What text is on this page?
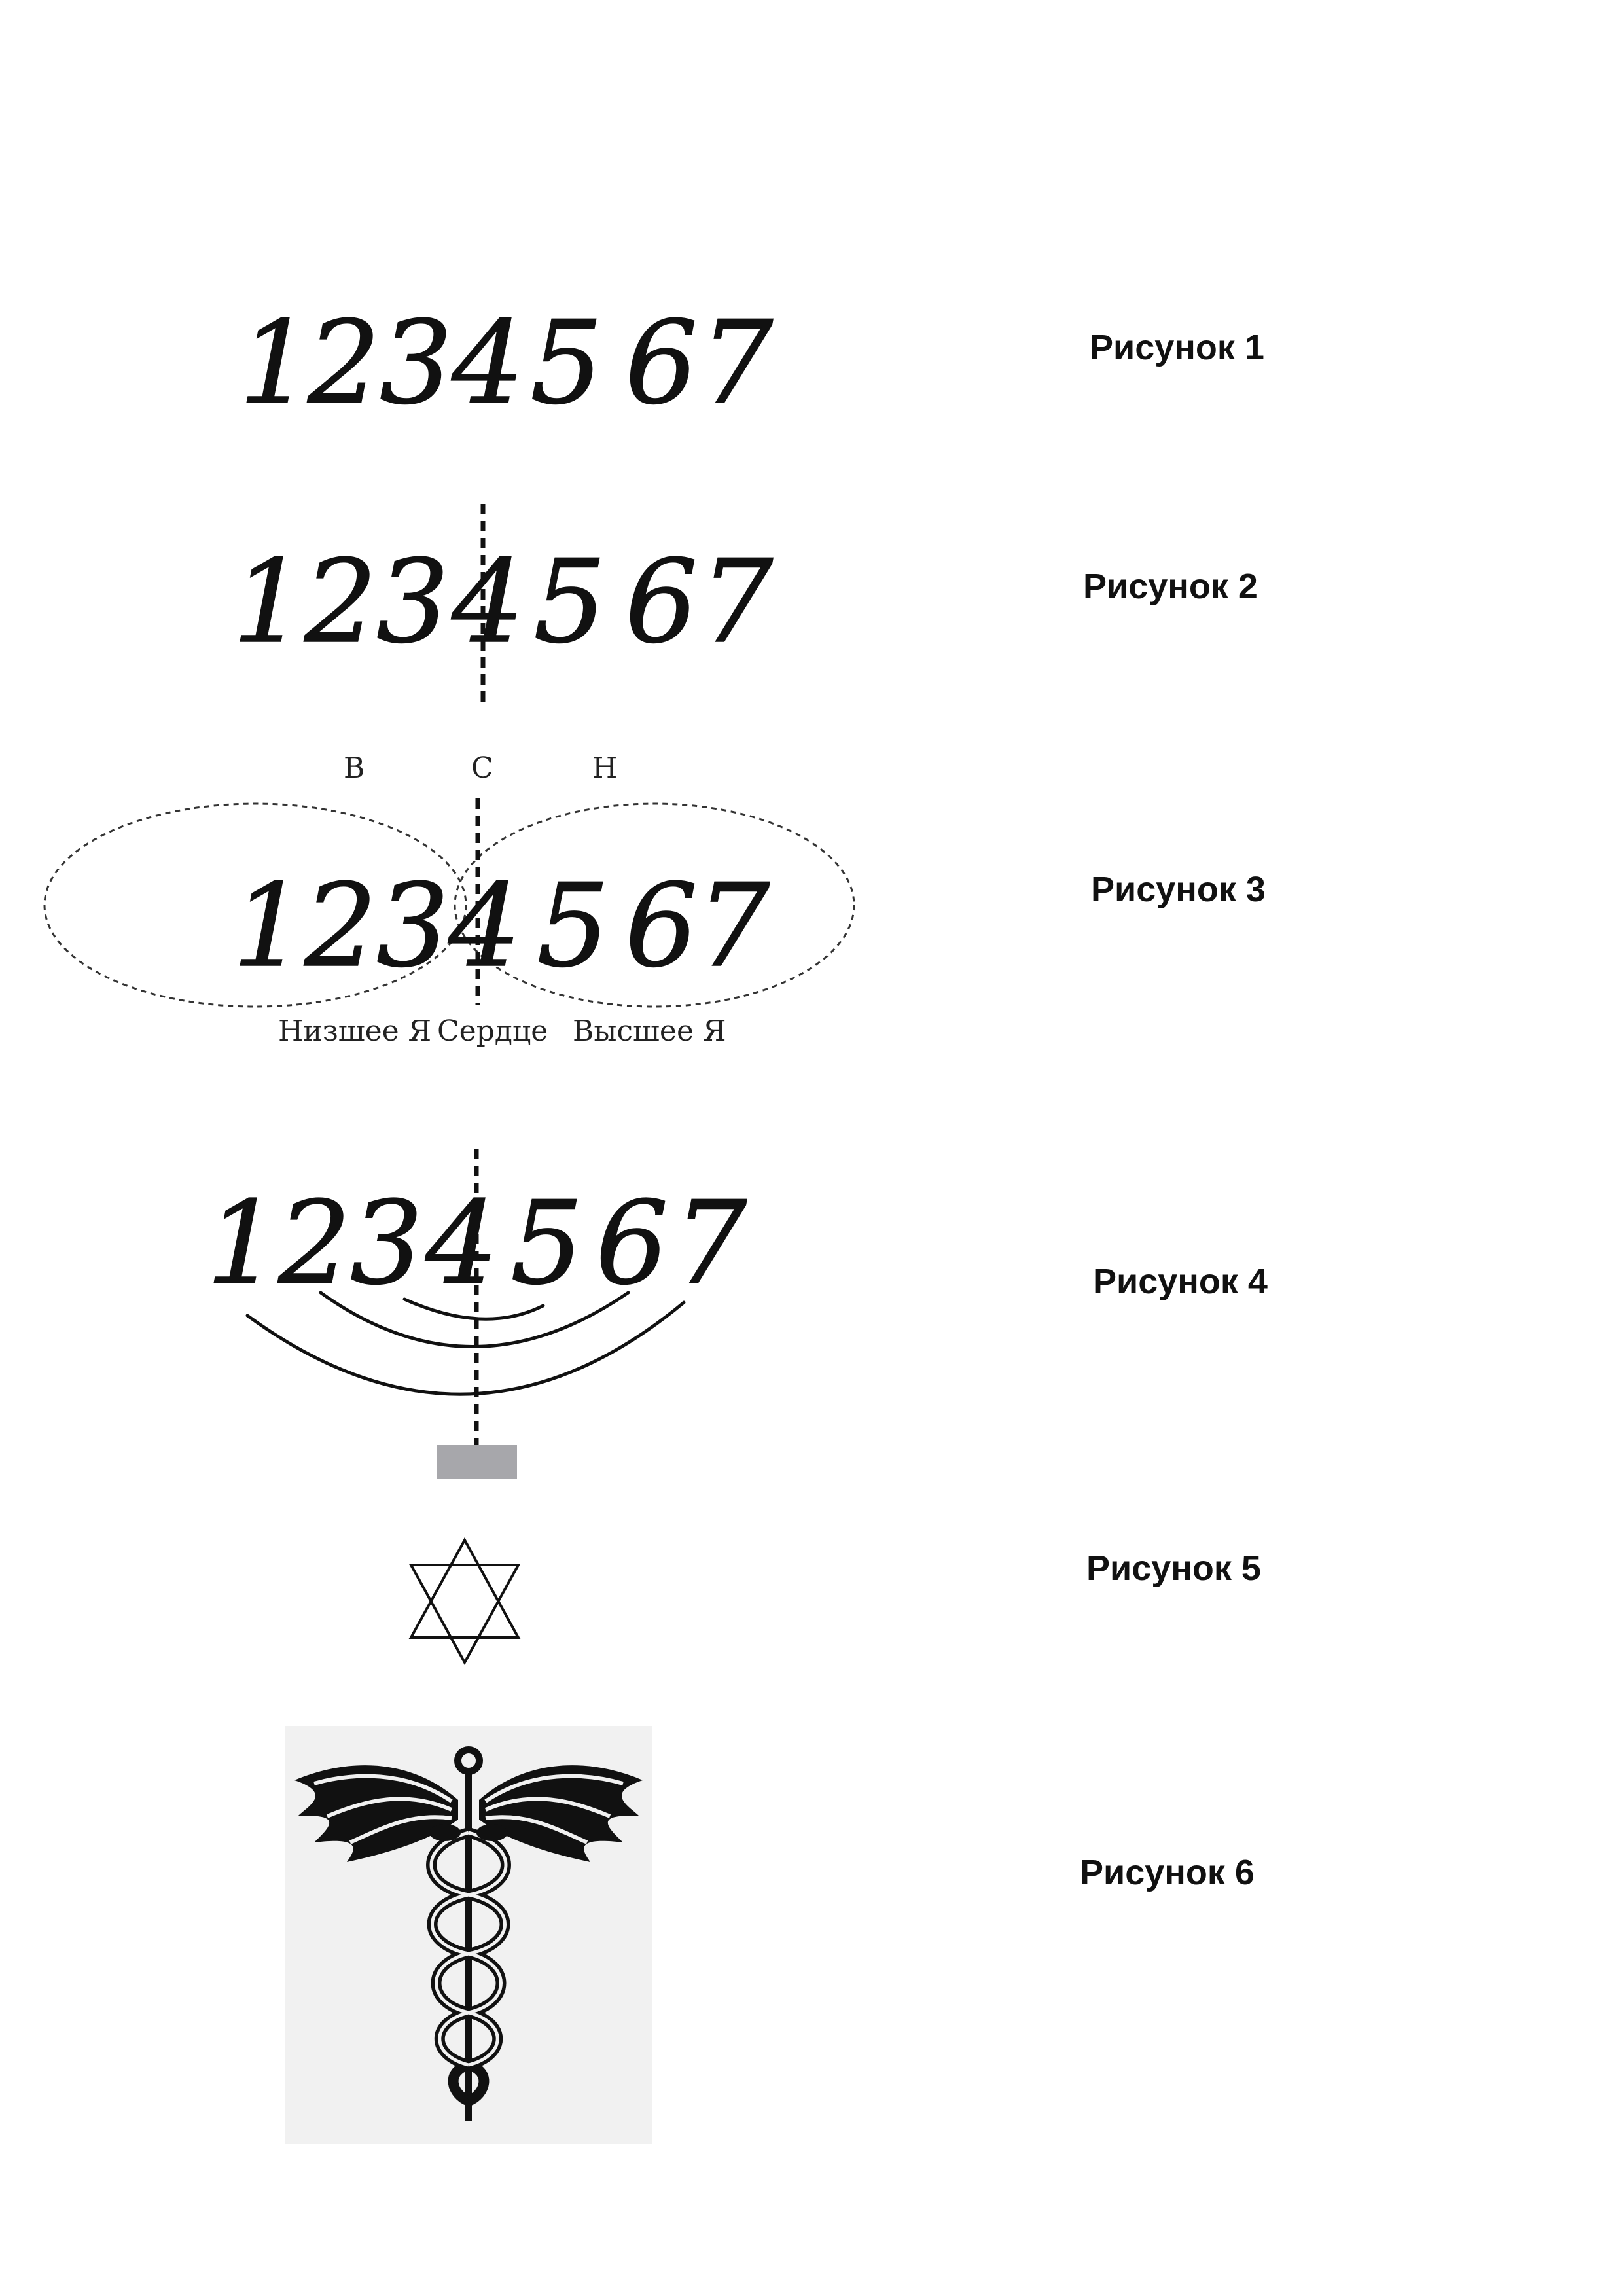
1
2
3
4 5 6 7
1
2
3 4 5 6 7
В	С	Н
1
2
3
4 5 6
7
Низшее Я Сердце Высшее Я
1
2
3 4 5 6 7
Рисунок 1
Рисунок 2
Рисунок 3
Рисунок 4
Рисунок 5
Рисунок 6
